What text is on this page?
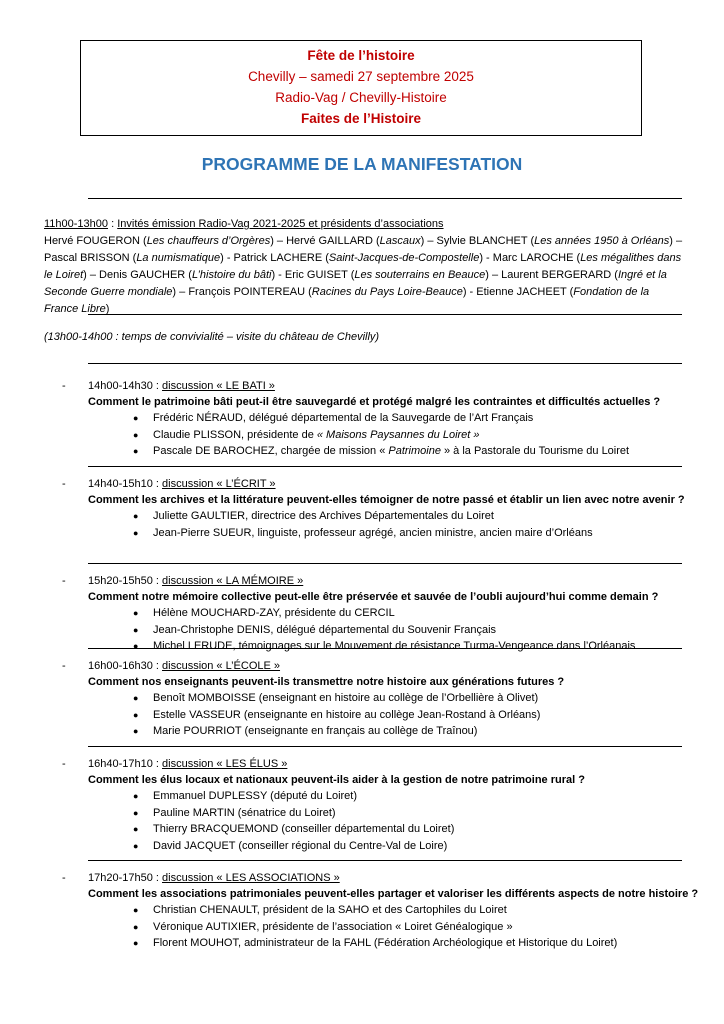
Fête de l’histoire
Chevilly – samedi 27 septembre 2025
Radio-Vag / Chevilly-Histoire
Faites de l’Histoire
PROGRAMME DE LA MANIFESTATION
11h00-13h00 : Invités émission Radio-Vag 2021-2025 et présidents d’associations
Hervé FOUGERON (Les chauffeurs d’Orgères) – Hervé GAILLARD (Lascaux) – Sylvie BLANCHET (Les années 1950 à Orléans) – Pascal BRISSON (La numismatique) - Patrick LACHERE (Saint-Jacques-de-Compostelle) - Marc LAROCHE (Les mégalithes dans le Loiret) – Denis GAUCHER (L’histoire du bâti) - Eric GUISET (Les souterrains en Beauce) – Laurent BERGERARD (Ingré et la Seconde Guerre mondiale) – François POINTEREAU (Racines du Pays Loire-Beauce) - Etienne JACHEET (Fondation de la France Libre)
(13h00-14h00 : temps de convivialité – visite du château de Chevilly)
- 14h00-14h30 : discussion « LE BATI »
Comment le patrimoine bâti peut-il être sauvegardé et protégé malgré les contraintes et difficultés actuelles ?
● Frédéric NÉRAUD, délégué départemental de la Sauvegarde de l’Art Français
● Claudie PLISSON, présidente de « Maisons Paysannes du Loiret »
● Pascale DE BAROCHEZ, chargée de mission « Patrimoine » à la Pastorale du Tourisme du Loiret
- 14h40-15h10 : discussion « L’ÉCRIT »
Comment les archives et la littérature peuvent-elles témoigner de notre passé et établir un lien avec notre avenir ?
● Juliette GAULTIER, directrice des Archives Départementales du Loiret
● Jean-Pierre SUEUR, linguiste, professeur agrégé, ancien ministre, ancien maire d’Orléans
- 15h20-15h50 : discussion « LA MÉMOIRE »
Comment notre mémoire collective peut-elle être préservée et sauvée de l’oubli aujourd’hui comme demain ?
● Hélène MOUCHARD-ZAY, présidente du CERCIL
● Jean-Christophe DENIS, délégué départemental du Souvenir Français
● Michel LERUDE, témoignages sur le Mouvement de résistance Turma-Vengeance dans l’Orléanais
- 16h00-16h30 : discussion « L’ÉCOLE »
Comment nos enseignants peuvent-ils transmettre notre histoire aux générations futures ?
● Benoît MOMBOISSE (enseignant en histoire au collège de l’Orbellière à Olivet)
● Estelle VASSEUR (enseignante en histoire au collège Jean-Rostand à Orléans)
● Marie POURRIOT (enseignante en français au collège de Traînou)
- 16h40-17h10 : discussion « LES ÉLUS »
Comment les élus locaux et nationaux peuvent-ils aider à la gestion de notre patrimoine rural ?
● Emmanuel DUPLESSY (député du Loiret)
● Pauline MARTIN (sénatrice du Loiret)
● Thierry BRACQUEMOND (conseiller départemental du Loiret)
● David JACQUET (conseiller régional du Centre-Val de Loire)
- 17h20-17h50 : discussion « LES ASSOCIATIONS »
Comment les associations patrimoniales peuvent-elles partager et valoriser les différents aspects de notre histoire ?
● Christian CHENAULT, président de la SAHO et des Cartophiles du Loiret
● Véronique AUTIXIER, présidente de l’association « Loiret Généalogique »
● Florent MOUHOT, administrateur de la FAHL (Fédération Archéologique et Historique du Loiret)
